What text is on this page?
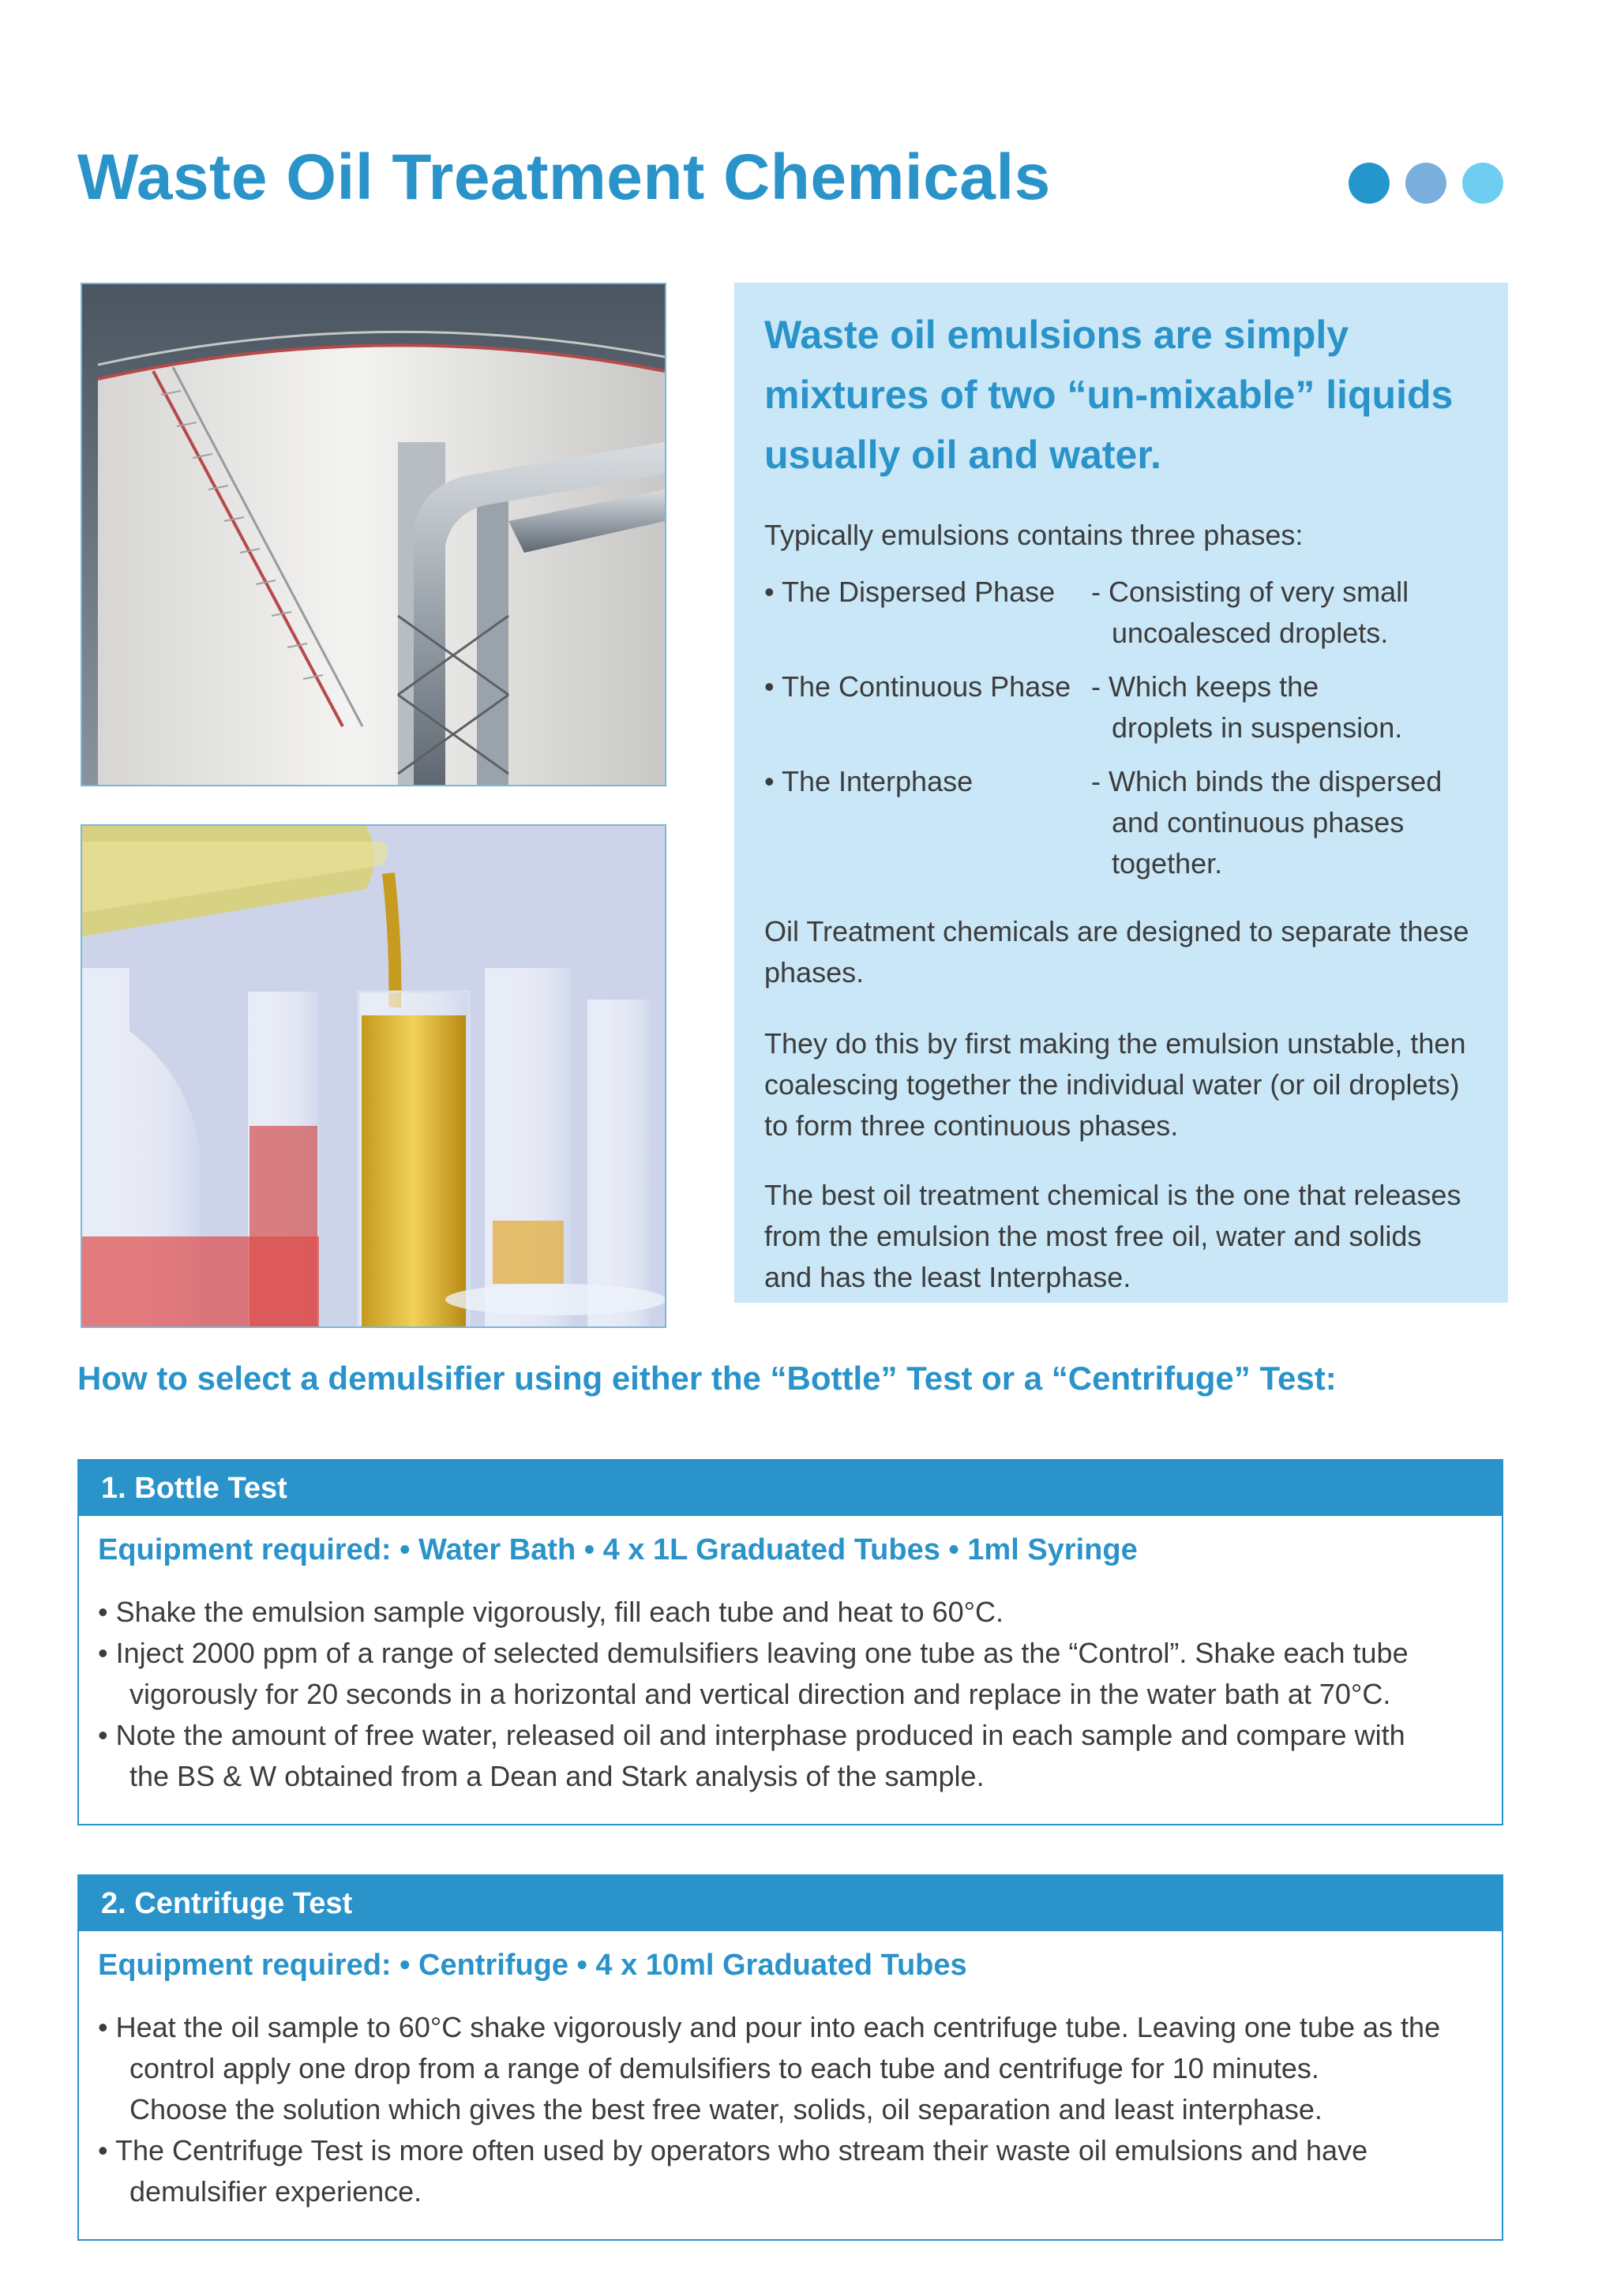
Waste Oil Treatment Chemicals
Waste oil emulsions are simply
mixtures of two “un-mixable” liquids
usually oil and water.

Typically emulsions contains three phases:

• The Dispersed Phase - Consisting of very small
uncoalesced droplets.
• The Continuous Phase - Which keeps the
droplets in suspension.
• The Interphase	- Which binds the dispersed
and continuous phases
together.
Oil Treatment chemicals are designed to separate these
phases.
They do this by first making the emulsion unstable, then
coalescing together the individual water (or oil droplets)
to form three continuous phases.
The best oil treatment chemical is the one that releases
from the emulsion the most free oil, water and solids
and has the least Interphase.
How to select a demulsifier using either the “Bottle” Test or a “Centrifuge” Test:
1. Bottle Test
Equipment required: • Water Bath • 4 x 1L Graduated Tubes • 1ml Syringe
• Shake the emulsion sample vigorously, fill each tube and heat to 60°C.
• Inject 2000 ppm of a range of selected demulsifiers leaving one tube as the “Control”. Shake each tube
vigorously for 20 seconds in a horizontal and vertical direction and replace in the water bath at 70°C.
• Note the amount of free water, released oil and interphase produced in each sample and compare with
the BS & W obtained from a Dean and Stark analysis of the sample.
2. Centrifuge Test
Equipment required: • Centrifuge • 4 x 10ml Graduated Tubes
• Heat the oil sample to 60°C shake vigorously and pour into each centrifuge tube. Leaving one tube as the
control apply one drop from a range of demulsifiers to each tube and centrifuge for 10 minutes.
Choose the solution which gives the best free water, solids, oil separation and least interphase.
• The Centrifuge Test is more often used by operators who stream their waste oil emulsions and have
demulsifier experience.
